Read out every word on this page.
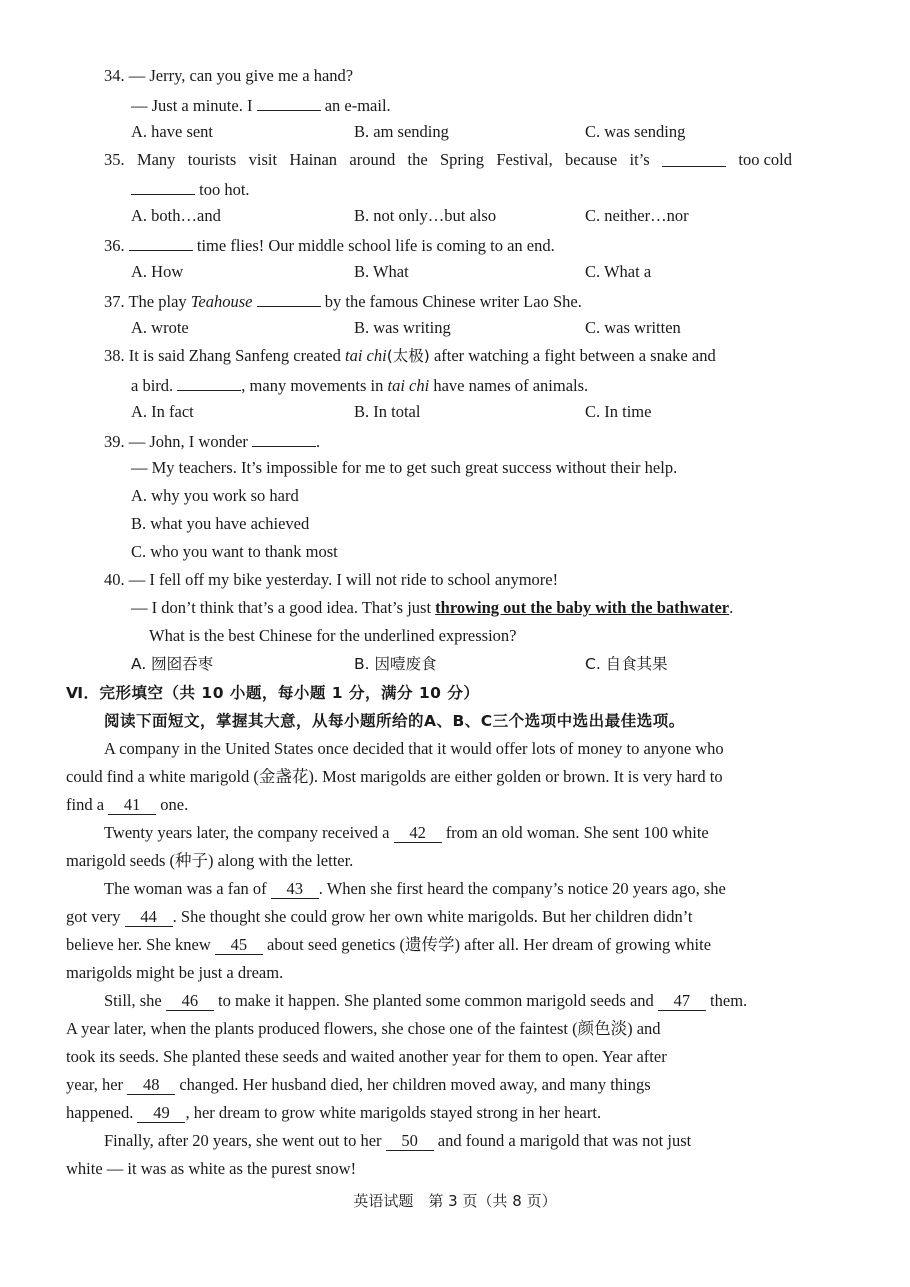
34. — Jerry, can you give me a hand?
— Just a minute. I	an e-mail.
A. have sent	B. am sending	C. was sending
35. Many tourists visit Hainan around the Spring Festival, because it’s	too cold
too hot.
A. both…and	B. not only…but also	C. neither…nor
36.	time flies! Our middle school life is coming to an end.
A. How	B. What	C. What a
37. The play Teahouse	by the famous Chinese writer Lao She.
A. wrote	B. was writing	C. was written
38. It is said Zhang Sanfeng created tai chi(太极) after watching a fight between a snake and
a bird.	, many movements in tai chi have names of animals.
A. In fact	B. In total	C. In time
39. — John, I wonder	.
— My teachers. It’s impossible for me to get such great success without their help.
A. why you work so hard
B. what you have achieved
C. who you want to thank most
40. — I fell off my bike yesterday. I will not ride to school anymore!
— I don’t think that’s a good idea. That’s just throwing out the baby with the bathwater.
What is the best Chinese for the underlined expression?
A. 囫囵吞枣	B. 因噎废食	C. 自食其果
Ⅵ．完形填空（共 10 小题，每小题 1 分，满分 10 分）
阅读下面短文，掌握其大意，从每小题所给的A、B、C三个选项中选出最佳选项。
A company in the United States once decided that it would offer lots of money to anyone who
could find a white marigold (金盏花). Most marigolds are either golden or brown. It is very hard to
find a 41 one.
Twenty years later, the company received a 42 from an old woman. She sent 100 white
marigold seeds (种子) along with the letter.
The woman was a fan of 43 . When she first heard the company’s notice 20 years ago, she
got very 44 . She thought she could grow her own white marigolds. But her children didn’t
believe her. She knew 45 about seed genetics (遗传学) after all. Her dream of growing white
marigolds might be just a dream.
Still, she 46 to make it happen. She planted some common marigold seeds and 47 them.
A year later, when the plants produced flowers, she chose one of the faintest (颜色淡) and
took its seeds. She planted these seeds and waited another year for them to open. Year after
year, her 48 changed. Her husband died, her children moved away, and many things
happened. 49 , her dream to grow white marigolds stayed strong in her heart.
Finally, after 20 years, she went out to her 50 and found a marigold that was not just
white — it was as white as the purest snow!
英语试题　第 3 页（共 8 页）
